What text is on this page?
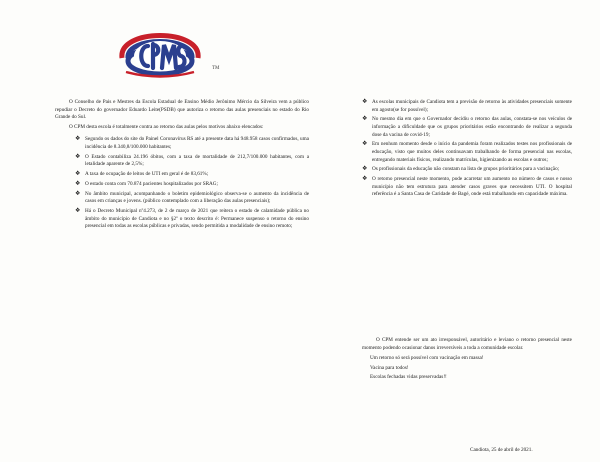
TM

O Conselho de Pais e Mestres da Escola Estadual de Ensino Médio Jerônimo Mércio da Silveira vem a público repudiar o Decreto do governador Eduardo Leite(PSDB) que autoriza o retorno das aulas presenciais no estado do Rio Grande do Sul.

O CPM desta escola é totalmente contra ao retorno das aulas pelos motivos abaixo elencados:

❖ Segundo os dados do site do Painel Coronavírus RS até a presente data há 948.958 casos confirmados, uma incidência de 8.340,8/100.000 habitantes;
❖ O Estado contabiliza 24.196 óbitos, com a taxa de mortalidade de 212,7/100.000 habitantes, com a letalidade aparente de 2,5%;
❖ A taxa de ocupação de leitos de UTI em geral é de 83,61%;
❖ O estado conta com 70.874 pacientes hospitalizados por SRAG;
❖ No âmbito municipal, acompanhando o boletim epidemiológico observa-se o aumento da incidência de casos em crianças e jovens. (público contemplado com a liberação das aulas presenciais);
❖ Há o Decreto Municipal nº4.273, de 2 de março de 2021 que reitera o estado de calamidade pública no âmbito do município de Candiota e no §2º o texto descrito é: Permanece suspenso o retorno do ensino presencial em todas as escolas públicas e privadas, sendo permitida a modalidade de ensino remoto;
❖ As escolas municipais de Candiota tem a previsão de retorno às atividades presenciais somente em agosto(se for possível);
❖ No mesmo dia em que o Governador decidiu o retorno das aulas, constata-se nos veículos de informação a dificuldade que os grupos prioritários estão encontrando de realizar a segunda dose da vacina de covid-19;
❖ Em nenhum momento desde o início da pandemia foram realizados testes nos profissionais de educação, visto que muitos deles continuavam trabalhando de forma presencial nas escolas, entregando materiais físicos, realizando matrículas, higienizando as escolas e outros;
❖ Os profissionais da educação não constam na lista de grupos prioritários para a vacinação;
❖ O retorno presencial neste momento, pode acarretar um aumento no número de casos e nosso município não tem estrutura para atender casos graves que necessitem UTI. O hospital referência é a Santa Casa de Caridade de Bagé, onde está trabalhando em capacidade máxima.

O CPM entende ser um ato irresponsável, autoritário e leviano o retorno presencial neste momento podendo ocasionar danos irreversíveis a toda a comunidade escolar.

Um retorno só será possível com vacinação em massa!

Vacina para todos!

Escolas fechadas vidas preservadas!!

Candiota, 25 de abril de 2021.
